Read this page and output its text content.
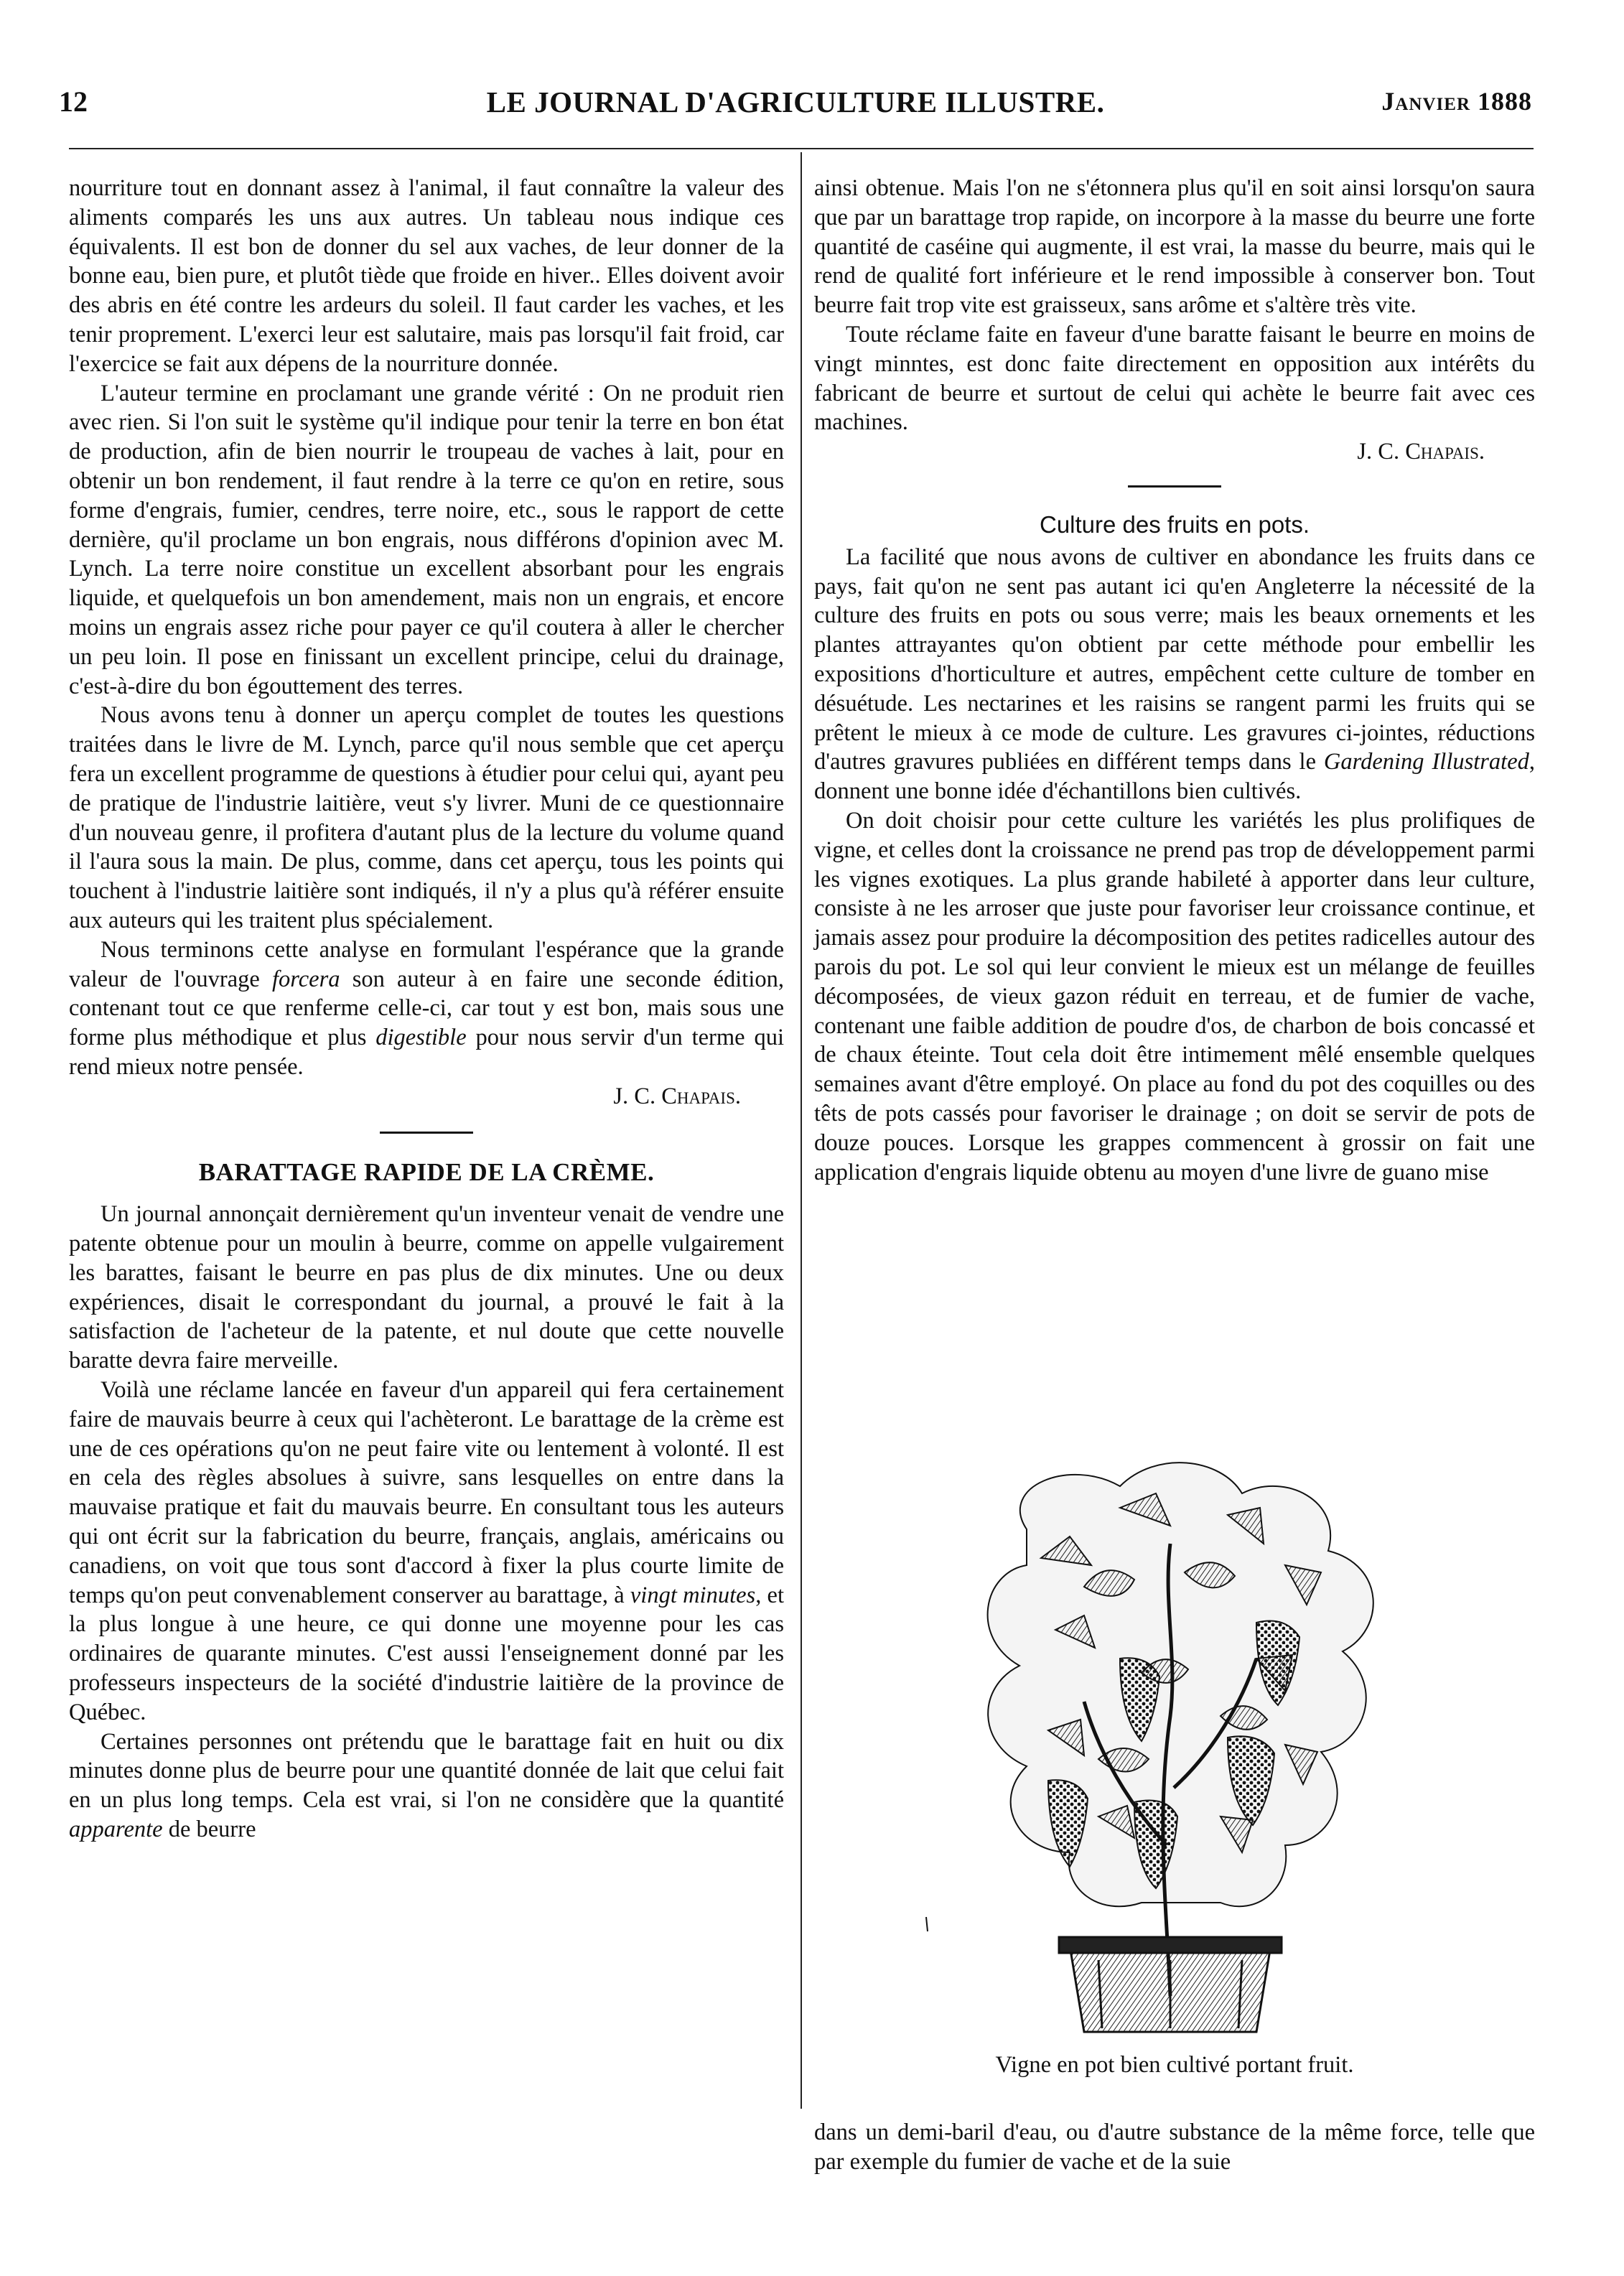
12	LE JOURNAL D'AGRICULTURE ILLUSTRE.	Janvier 1888

nourriture tout en donnant assez à l'animal, il faut connaître la valeur des aliments comparés les uns aux autres. Un tableau nous indique ces équivalents. Il est bon de donner du sel aux vaches, de leur donner de la bonne eau, bien pure, et plutôt tiède que froide en hiver.. Elles doivent avoir des abris en été contre les ardeurs du soleil. Il faut carder les vaches, et les tenir proprement. L'exerci leur est salutaire, mais pas lorsqu'il fait froid, car l'exercice se fait aux dépens de la nourriture donnée.

L'auteur termine en proclamant une grande vérité : On ne produit rien avec rien. Si l'on suit le système qu'il indique pour tenir la terre en bon état de production, afin de bien nourrir le troupeau de vaches à lait, pour en obtenir un bon rendement, il faut rendre à la terre ce qu'on en retire, sous forme d'engrais, fumier, cendres, terre noire, etc., sous le rapport de cette dernière, qu'il proclame un bon engrais, nous différons d'opinion avec M. Lynch. La terre noire constitue un excellent absorbant pour les engrais liquide, et quelquefois un bon amendement, mais non un engrais, et encore moins un engrais assez riche pour payer ce qu'il coutera à aller le chercher un peu loin. Il pose en finissant un excellent principe, celui du drainage, c'est-à-dire du bon égouttement des terres.

Nous avons tenu à donner un aperçu complet de toutes les questions traitées dans le livre de M. Lynch, parce qu'il nous semble que cet aperçu fera un excellent programme de questions à étudier pour celui qui, ayant peu de pratique de l'industrie laitière, veut s'y livrer. Muni de ce questionnaire d'un nouveau genre, il profitera d'autant plus de la lecture du volume quand il l'aura sous la main. De plus, comme, dans cet aperçu, tous les points qui touchent à l'industrie laitière sont indiqués, il n'y a plus qu'à référer ensuite aux auteurs qui les traitent plus spécialement.

Nous terminons cette analyse en formulant l'espérance que la grande valeur de l'ouvrage forcera son auteur à en faire une seconde édition, contenant tout ce que renferme celle-ci, car tout y est bon, mais sous une forme plus méthodique et plus digestible pour nous servir d'un terme qui rend mieux notre pensée.

J. C. Chapais.

BARATTAGE RAPIDE DE LA CRÈME.

Un journal annonçait dernièrement qu'un inventeur venait de vendre une patente obtenue pour un moulin à beurre, comme on appelle vulgairement les barattes, faisant le beurre en pas plus de dix minutes. Une ou deux expériences, disait le correspondant du journal, a prouvé le fait à la satisfaction de l'acheteur de la patente, et nul doute que cette nouvelle baratte devra faire merveille.

Voilà une réclame lancée en faveur d'un appareil qui fera certainement faire de mauvais beurre à ceux qui l'achèteront. Le barattage de la crème est une de ces opérations qu'on ne peut faire vite ou lentement à volonté. Il est en cela des règles absolues à suivre, sans lesquelles on entre dans la mauvaise pratique et fait du mauvais beurre. En consultant tous les auteurs qui ont écrit sur la fabrication du beurre, français, anglais, américains ou canadiens, on voit que tous sont d'accord à fixer la plus courte limite de temps qu'on peut convenablement conserver au barattage, à vingt minutes, et la plus longue à une heure, ce qui donne une moyenne pour les cas ordinaires de quarante minutes. C'est aussi l'enseignement donné par les professeurs inspecteurs de la société d'industrie laitière de la province de Québec.

Certaines personnes ont prétendu que le barattage fait en huit ou dix minutes donne plus de beurre pour une quantité donnée de lait que celui fait en un plus long temps. Cela est vrai, si l'on ne considère que la quantité apparente de beurre

ainsi obtenue. Mais l'on ne s'étonnera plus qu'il en soit ainsi lorsqu'on saura que par un barattage trop rapide, on incorpore à la masse du beurre une forte quantité de caséine qui augmente, il est vrai, la masse du beurre, mais qui le rend de qualité fort inférieure et le rend impossible à conserver bon. Tout beurre fait trop vite est graisseux, sans arôme et s'altère très vite.

Toute réclame faite en faveur d'une baratte faisant le beurre en moins de vingt minntes, est donc faite directement en opposition aux intérêts du fabricant de beurre et surtout de celui qui achète le beurre fait avec ces machines.

J. C. Chapais.

Culture des fruits en pots.

La facilité que nous avons de cultiver en abondance les fruits dans ce pays, fait qu'on ne sent pas autant ici qu'en Angleterre la nécessité de la culture des fruits en pots ou sous verre; mais les beaux ornements et les plantes attrayantes qu'on obtient par cette méthode pour embellir les expositions d'horticulture et autres, empêchent cette culture de tomber en désuétude. Les nectarines et les raisins se rangent parmi les fruits qui se prêtent le mieux à ce mode de culture. Les gravures ci-jointes, réductions d'autres gravures publiées en différent temps dans le Gardening Illustrated, donnent une bonne idée d'échantillons bien cultivés.

On doit choisir pour cette culture les variétés les plus prolifiques de vigne, et celles dont la croissance ne prend pas trop de développement parmi les vignes exotiques. La plus grande habileté à apporter dans leur culture, consiste à ne les arroser que juste pour favoriser leur croissance continue, et jamais assez pour produire la décomposition des petites radicelles autour des parois du pot. Le sol qui leur convient le mieux est un mélange de feuilles décomposées, de vieux gazon réduit en terreau, et de fumier de vache, contenant une faible addition de poudre d'os, de charbon de bois concassé et de chaux éteinte. Tout cela doit être intimement mêlé ensemble quelques semaines avant d'être employé. On place au fond du pot des coquilles ou des têts de pots cassés pour favoriser le drainage ; on doit se servir de pots de douze pouces. Lorsque les grappes commencent à grossir on fait une application d'engrais liquide obtenu au moyen d'une livre de guano mise

Vigne en pot bien cultivé portant fruit.

dans un demi-baril d'eau, ou d'autre substance de la même force, telle que par exemple du fumier de vache et de la suie
